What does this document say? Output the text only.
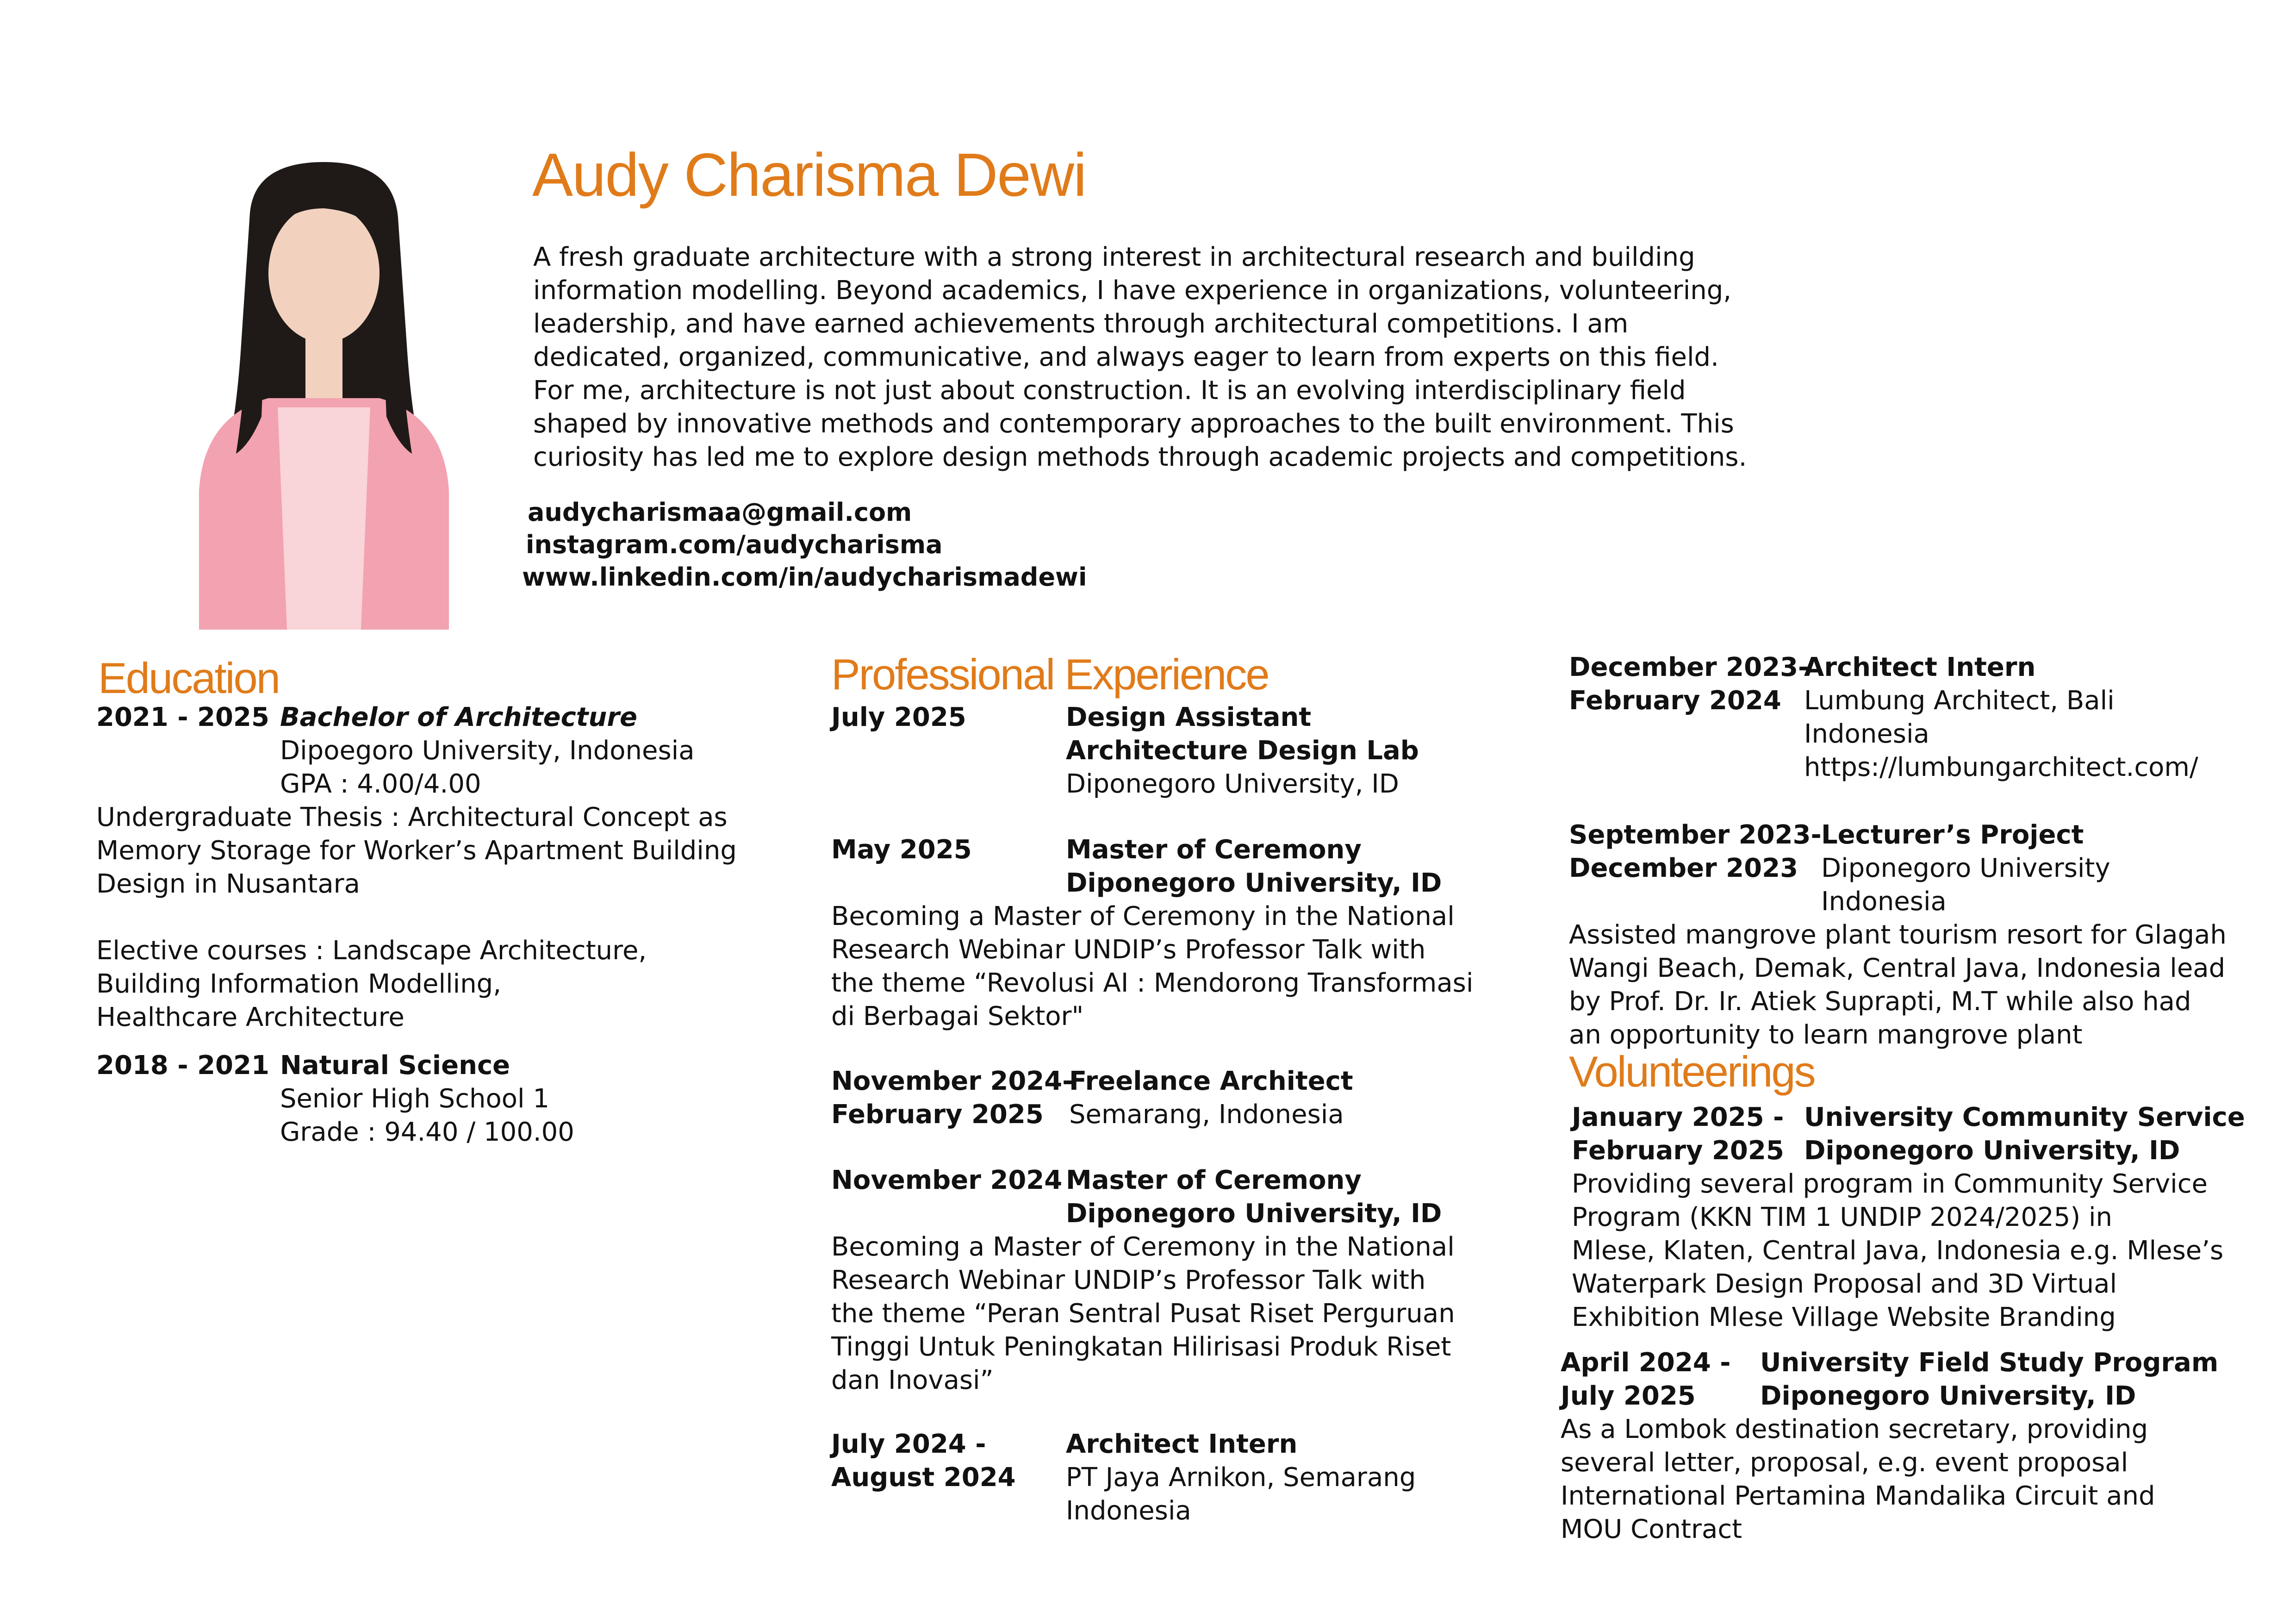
Audy Charisma Dewi
A fresh graduate architecture with a strong interest in architectural research and building
information modelling. Beyond academics, I have experience in organizations, volunteering,
leadership, and have earned achievements through architectural competitions. I am
dedicated, organized, communicative, and always eager to learn from experts on this field.
For me, architecture is not just about construction. It is an evolving interdisciplinary field
shaped by innovative methods and contemporary approaches to the built environment. This
curiosity has led me to explore design methods through academic projects and competitions.
audycharismaa@gmail.com
instagram.com/audycharisma
www.linkedin.com/in/audycharismadewi
Education
2021 - 2025 Bachelor of Architecture
Dipoegoro University, Indonesia
GPA : 4.00/4.00
Undergraduate Thesis : Architectural Concept as
Memory Storage for Worker’s Apartment Building
Design in Nusantara
Elective courses : Landscape Architecture,
Building Information Modelling,
Healthcare Architecture
2018 - 2021 Natural Science
Senior High School 1
Grade : 94.40 / 100.00
Professional Experience
July 2025	Design Assistant
Architecture Design Lab
Diponegoro University, ID
May 2025	Master of Ceremony
Diponegoro University, ID
Becoming a Master of Ceremony in the National
Research Webinar UNDIP’s Professor Talk with
the theme “Revolusi AI : Mendorong Transformasi
di Berbagai Sektor"
November 2024-
February 2025
Freelance Architect
Semarang, Indonesia
November 2024 Master of Ceremony
Diponegoro University, ID
Becoming a Master of Ceremony in the National
Research Webinar UNDIP’s Professor Talk with
the theme “Peran Sentral Pusat Riset Perguruan
Tinggi Untuk Peningkatan Hilirisasi Produk Riset
dan Inovasi”
July 2024 -
August 2024
Architect Intern
PT Jaya Arnikon, Semarang
Indonesia
December 2023-
February 2024
Architect Intern
Lumbung Architect, Bali
Indonesia
https://lumbungarchitect.com/
September 2023-
December 2023
Lecturer’s Project
Diponegoro University
Indonesia
Assisted mangrove plant tourism resort for Glagah
Wangi Beach, Demak, Central Java, Indonesia lead
by Prof. Dr. Ir. Atiek Suprapti, M.T while also had
an opportunity to learn mangrove plant
Volunteerings
January 2025 -
February 2025
University Community Service
Diponegoro University, ID
Providing several program in Community Service
Program (KKN TIM 1 UNDIP 2024/2025) in
Mlese, Klaten, Central Java, Indonesia e.g. Mlese’s
Waterpark Design Proposal and 3D Virtual
Exhibition Mlese Village Website Branding
April 2024 -
July 2025
University Field Study Program
Diponegoro University, ID
As a Lombok destination secretary, providing
several letter, proposal, e.g. event proposal
International Pertamina Mandalika Circuit and
MOU Contract
